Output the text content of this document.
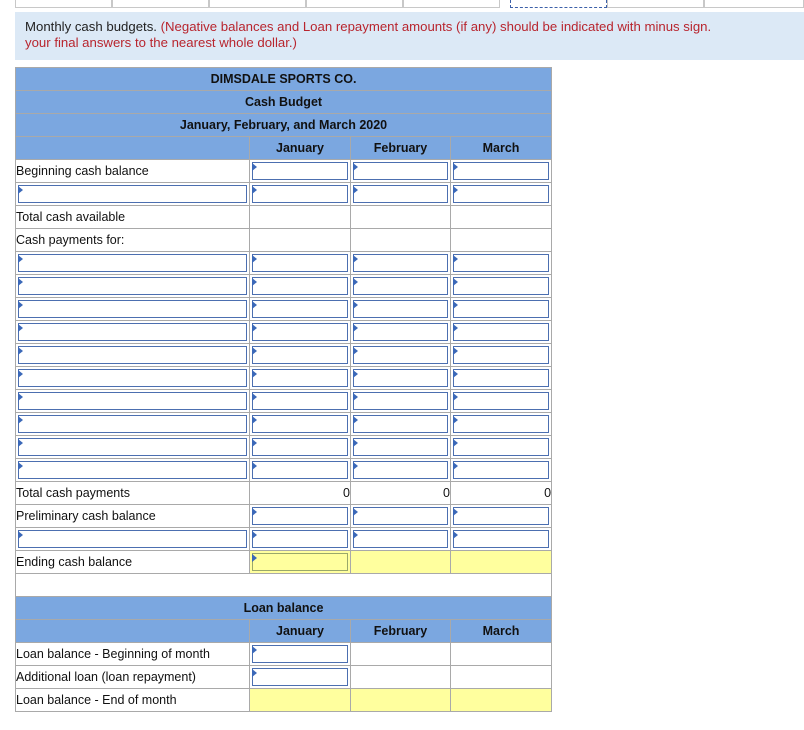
Monthly cash budgets. (Negative balances and Loan repayment amounts (if any) should be indicated with minus sign.
your final answers to the nearest whole dollar.)
DIMSDALE SPORTS CO.			
Cash Budget			
January, February, and March 2020			
	January	February	March
Beginning cash balance			

Total cash available			
Cash payments for:			

Total cash payments	0	0	0
Preliminary cash balance			

Ending cash balance			

Loan balance			
	January	February	March
Loan balance - Beginning of month			
Additional loan (loan repayment)			
Loan balance - End of month			
